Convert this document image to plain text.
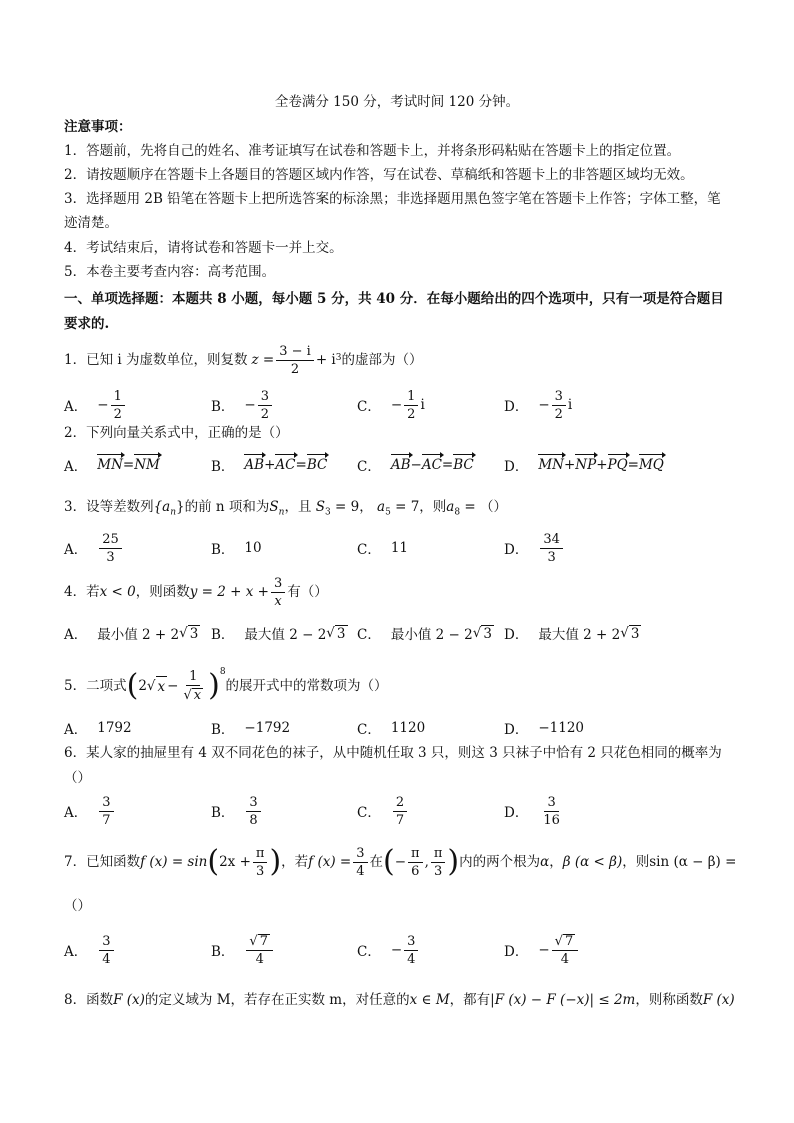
全卷满分 150 分，考试时间 120 分钟。
注意事项：
1．答题前，先将自己的姓名、准考证填写在试卷和答题卡上，并将条形码粘贴在答题卡上的指定位置。
2．请按题顺序在答题卡上各题目的答题区域内作答，写在试卷、草稿纸和答题卡上的非答题区域均无效。
3．选择题用 2B 铅笔在答题卡上把所选答案的标涂黑；非选择题用黑色签字笔在答题卡上作答；字体工整，笔
迹清楚。
4．考试结束后，请将试卷和答题卡一并上交。
5．本卷主要考查内容：高考范围。
一、单项选择题：本题共 8 小题，每小题 5 分，共 40 分．在每小题给出的四个选项中，只有一项是符合题目
要求的.
1．已知 i 为虚数单位，则复数 $z = \frac{3 - i}{2} + i$ 3 的虚部为（）
A． − $\frac{1}{2}$	B． − $\frac{3}{2}$	C． − $\frac{1}{2}$ i	D． − $\frac{3}{2}$ i
2．下列向量关系式中，正确的是（）
A． MN = NM	B． AB + AC = BC C． AB − AC = BC D． MN + NP + PQ = MQ
3．设等差数列$\{a_n\}$的前 n 项和为$S_n$，且 $S_3 = 9$， $a_5 = 7$，则$a_8$ = （）
A． $\frac{25}{3}$	B． 10	C． 11	D． $\frac{34}{3}$
4．若 x < 0 ，则函数 $y = 2 + x + \frac{3}{x}$ 有（）
A． 最小值 2 + 2 √ 3 B． 最大值 2 − 2 √ 3 C． 最小值 2 − 2 √ 3 D． 最大值 2 + 2 √ 3
5．二项式 ( 2 √ $x - \frac{1}{√ x} )^8$
的展开式中的常数项为（）
A． 1792	B． −1792	C． 1120	D． −1120
6．某人家的抽屉里有 4 双不同花色的袜子，从中随机任取 3 只，则这 3 只袜子中恰有 2 只花色相同的概率为
（）
A． $\frac{3}{7}$	B． $\frac{3}{8}$	C． $\frac{2}{7}$	D． $\frac{3}{16}$
7．已知函数 f (x) = sin ( $2x + \frac{\pi}{3}$ ) ，若 f $(x) = \frac{3}{4}$ 在 ( − $\frac{\pi}{6}$ , $\frac{\pi}{3}$ ) 内的两个根为 α ， β (α < β) ，则 sin (α − β) =
（）
A． $\frac{3}{4}$	B． $\frac{√ 7}{4}$	C． − $\frac{3}{4}$	D． − $\frac{√ 7}{4}$
8．函数F (x)的定义域为 M，若存在正实数 m，对任意的x ∈ M，都有|F (x) − F (−x)| ≤ 2m，则称函数F (x)
